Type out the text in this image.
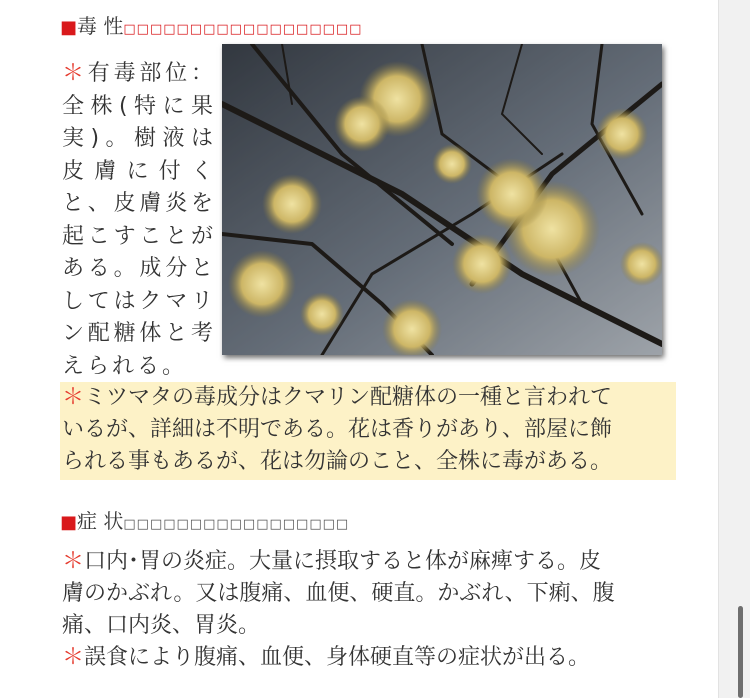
■毒 性□□□□□□□□□□□□□□□□□□
＊有毒部位：全株(特に果実)。樹液は皮膚に付くと、皮膚炎を起こすことがある。成分としてはクマリン配糖体と考えられる。
＊ミツマタの毒成分はクマリン配糖体の一種と言われて
いるが、詳細は不明である。花は香りがあり、部屋に飾
られる事もあるが、花は勿論のこと、全株に毒がある。
■症 状□□□□□□□□□□□□□□□□□
＊口内･胃の炎症。大量に摂取すると体が麻痺する。皮
膚のかぶれ。又は腹痛、血便、硬直。かぶれ、下痢、腹
痛、口内炎、胃炎。
＊誤食により腹痛、血便、身体硬直等の症状が出る。
